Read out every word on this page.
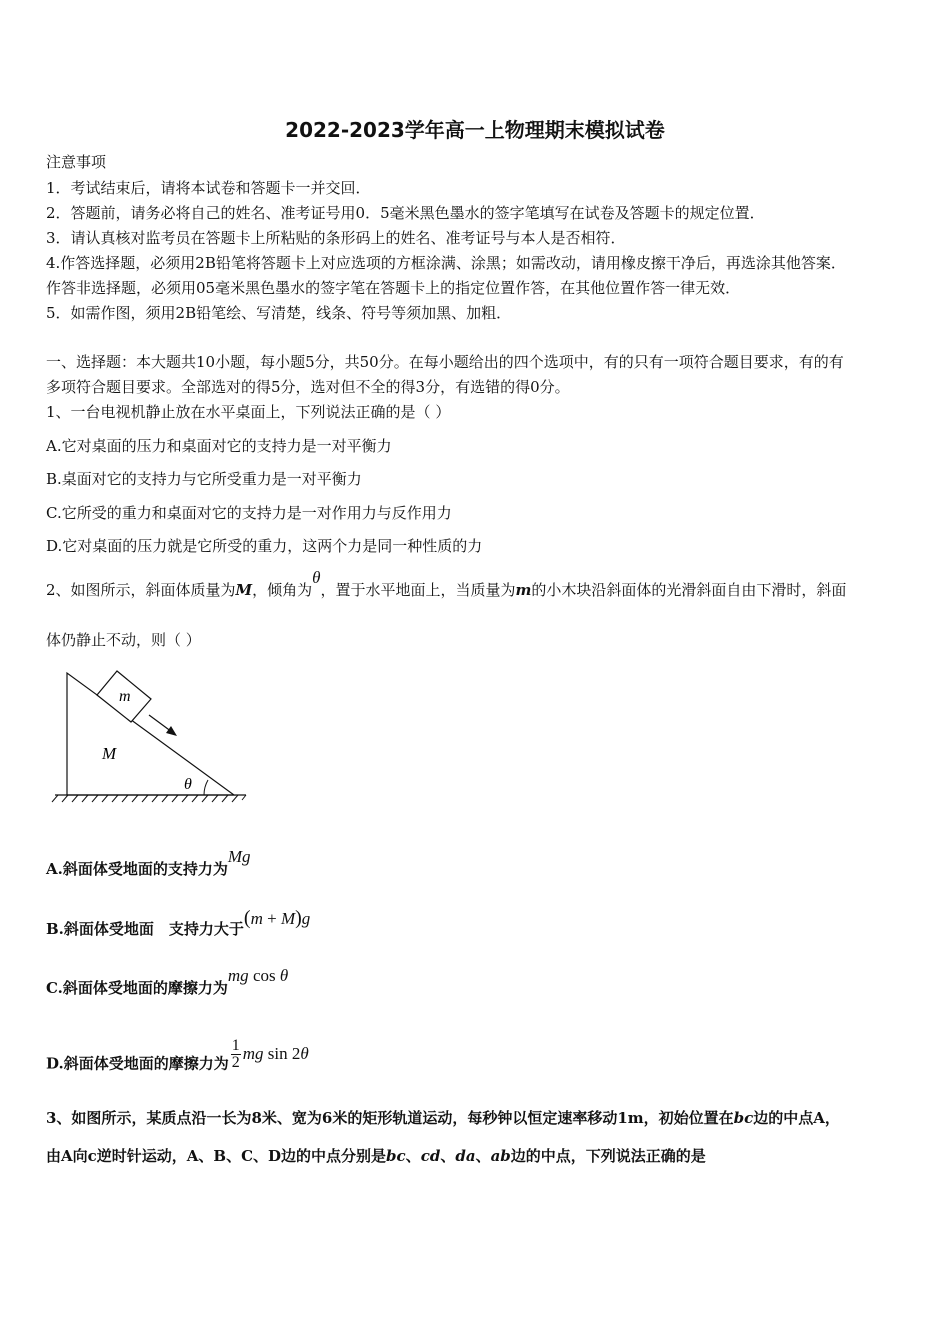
2022-2023学年高一上物理期末模拟试卷
注意事项
1．考试结束后，请将本试卷和答题卡一并交回．
2．答题前，请务必将自己的姓名、准考证号用0．5毫米黑色墨水的签字笔填写在试卷及答题卡的规定位置．
3．请认真核对监考员在答题卡上所粘贴的条形码上的姓名、准考证号与本人是否相符．
4.作答选择题，必须用2B铅笔将答题卡上对应选项的方框涂满、涂黑；如需改动，请用橡皮擦干净后，再选涂其他答案．
作答非选择题，必须用05毫米黑色墨水的签字笔在答题卡上的指定位置作答，在其他位置作答一律无效．
5．如需作图，须用2B铅笔绘、写清楚，线条、符号等须加黑、加粗．
一、选择题：本大题共10小题，每小题5分，共50分。在每小题给出的四个选项中，有的只有一项符合题目要求，有的有
多项符合题目要求。全部选对的得5分，选对但不全的得3分，有选错的得0分。
1、一台电视机静止放在水平桌面上，下列说法正确的是（ ）
A.它对桌面的压力和桌面对它的支持力是一对平衡力
B.桌面对它的支持力与它所受重力是一对平衡力
C.它所受的重力和桌面对它的支持力是一对作用力与反作用力
D.它对桌面的压力就是它所受的重力，这两个力是同一种性质的力
2、如图所示，斜面体质量为M，倾角为θ，置于水平地面上，当质量为m的小木块沿斜面体的光滑斜面自由下滑时，斜面
体仍静止不动，则（ ）
m
M
θ
A.斜面体受地面的支持力为Mg
B.斜面体受地面　支持力大于(m + M)g
C.斜面体受地面的摩擦力为mg cos θ
D.斜面体受地面的摩擦力为 $\frac{1}{2}$ mg sin 2θ
3、如图所示，某质点沿一长为8米、宽为6米的矩形轨道运动，每秒钟以恒定速率移动1m，初始位置在bc边的中点A，
由A向c逆时针运动，A、B、C、D边的中点分别是bc、cd、da、ab边的中点，下列说法正确的是
